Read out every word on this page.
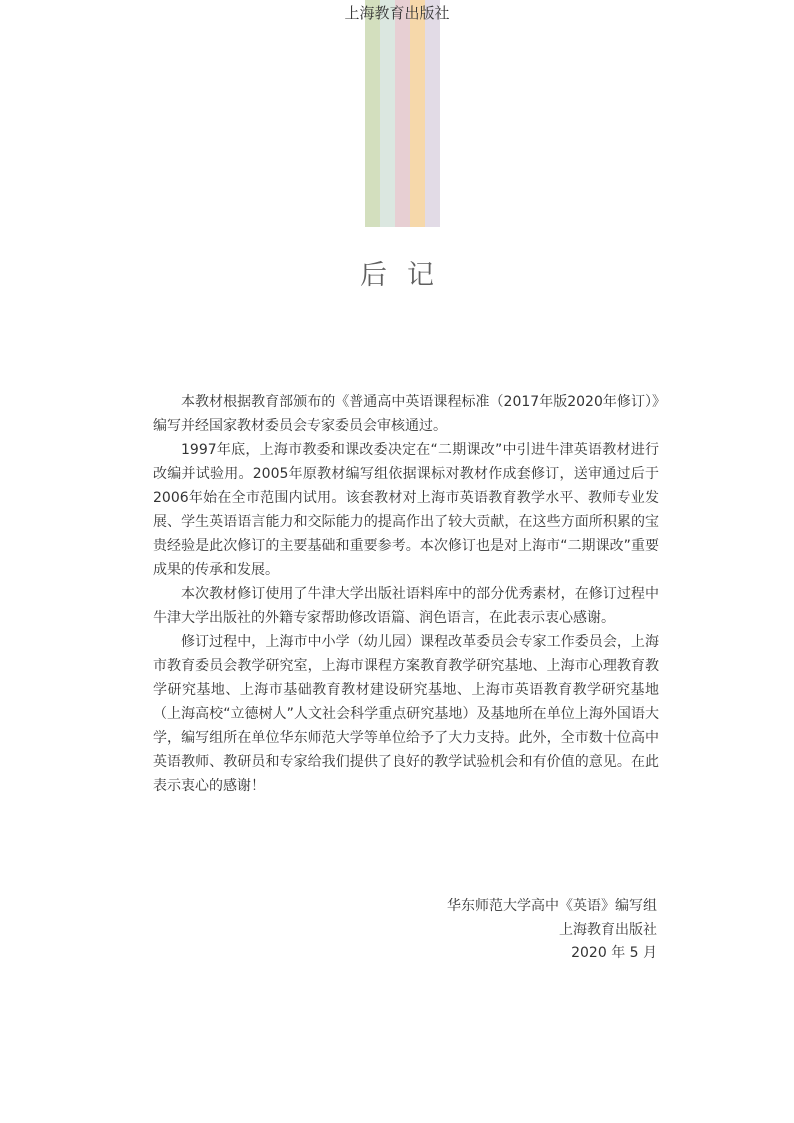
上海教育出版社
后 记

本教材根据教育部颁布的《普通高中英语课程标准（2017年版2020年修订）》编写并经国家教材委员会专家委员会审核通过。

1997年底，上海市教委和课改委决定在“二期课改”中引进牛津英语教材进行改编并试验用。2005年原教材编写组依据课标对教材作成套修订，送审通过后于2006年始在全市范围内试用。该套教材对上海市英语教育教学水平、教师专业发展、学生英语语言能力和交际能力的提高作出了较大贡献，在这些方面所积累的宝贵经验是此次修订的主要基础和重要参考。本次修订也是对上海市“二期课改”重要成果的传承和发展。

本次教材修订使用了牛津大学出版社语料库中的部分优秀素材，在修订过程中牛津大学出版社的外籍专家帮助修改语篇、润色语言，在此表示衷心感谢。

修订过程中，上海市中小学（幼儿园）课程改革委员会专家工作委员会，上海市教育委员会教学研究室，上海市课程方案教育教学研究基地、上海市心理教育教学研究基地、上海市基础教育教材建设研究基地、上海市英语教育教学研究基地（上海高校“立德树人”人文社会科学重点研究基地）及基地所在单位上海外国语大学，编写组所在单位华东师范大学等单位给予了大力支持。此外，全市数十位高中英语教师、教研员和专家给我们提供了良好的教学试验机会和有价值的意见。在此表示衷心的感谢！

华东师范大学高中《英语》编写组
上海教育出版社
2020 年 5 月
